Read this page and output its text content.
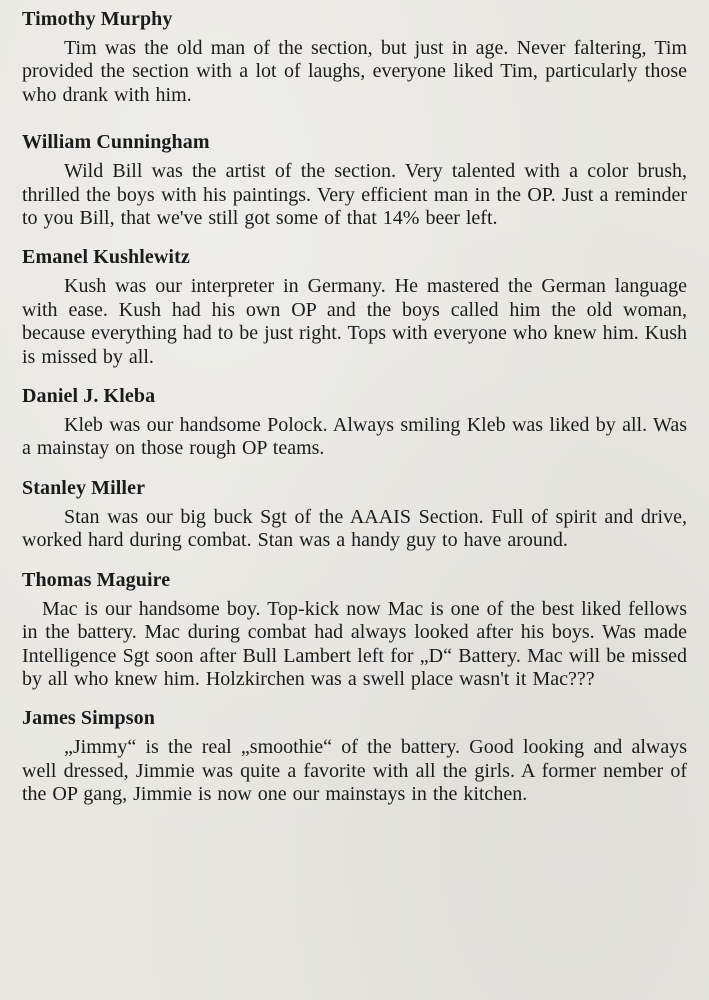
Timothy Murphy

Tim was the old man of the section, but just in age. Never faltering, Tim provided the section with a lot of laughs, everyone liked Tim, particularly those who drank with him.

William Cunningham

Wild Bill was the artist of the section. Very talented with a color brush, thrilled the boys with his paintings. Very efficient man in the OP. Just a reminder to you Bill, that we've still got some of that 14% beer left.

Emanel Kushlewitz

Kush was our interpreter in Germany. He mastered the German language with ease. Kush had his own OP and the boys called him the old woman, because everything had to be just right. Tops with everyone who knew him. Kush is missed by all.

Daniel J. Kleba

Kleb was our handsome Polock. Always smiling Kleb was liked by all. Was a mainstay on those rough OP teams.

Stanley Miller

Stan was our big buck Sgt of the AAAIS Section. Full of spirit and drive, worked hard during combat. Stan was a handy guy to have around.

Thomas Maguire

Mac is our handsome boy. Top-kick now Mac is one of the best liked fellows in the battery. Mac during combat had always looked after his boys. Was made Intelligence Sgt soon after Bull Lambert left for „D“ Battery. Mac will be missed by all who knew him. Holzkirchen was a swell place wasn't it Mac???

James Simpson

„Jimmy“ is the real „smoothie“ of the battery. Good looking and always well dressed, Jimmie was quite a favorite with all the girls. A former nember of the OP gang, Jimmie is now one our mainstays in the kitchen.
